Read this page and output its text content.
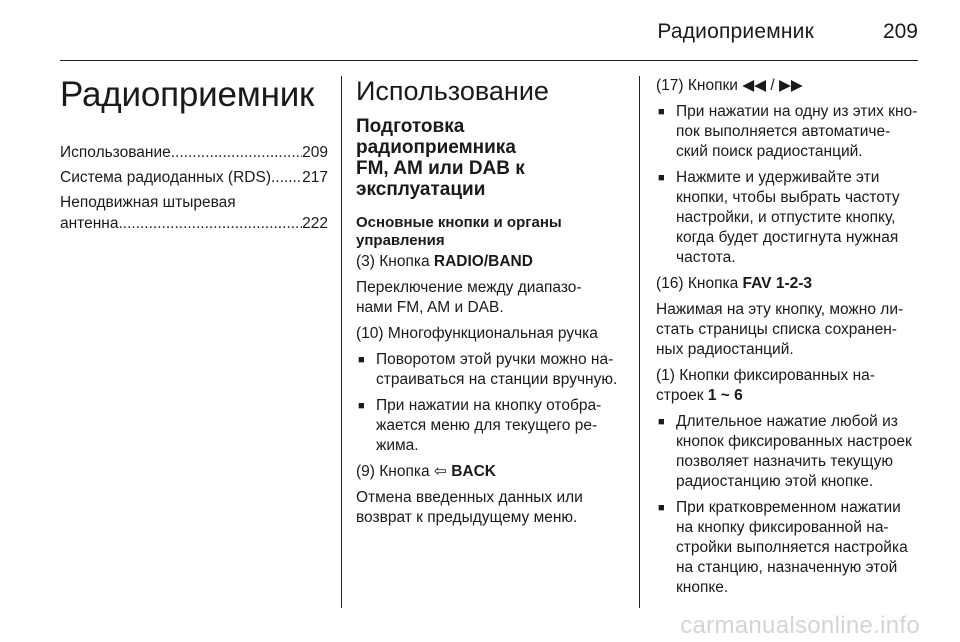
Радиоприемник	209
Радиоприемник
Использование .....	209
Система радиоданных (RDS) ..... 217
Неподвижная штыревая
антенна .....	222
Использование
Подготовка радиоприемника
FM, AM или DAB к
эксплуатации
Основные кнопки и органы
управления

(3) Кнопка RADIO/BAND

Переключение между диапазо-
нами FM, AM и DAB.

(10) Многофункциональная ручка

■ Поворотом этой ручки можно на-
страиваться на станции вручную.
■ При нажатии на кнопку отобра-
жается меню для текущего ре-
жима.

(9) Кнопка ⇦ BACK

Отмена введенных данных или
возврат к предыдущему меню.

(17) Кнопки ◀◀ / ▶▶

■ При нажатии на одну из этих кно-
пок выполняется автоматиче-
ский поиск радиостанций.
■ Нажмите и удерживайте эти
кнопки, чтобы выбрать частоту
настройки, и отпустите кнопку,
когда будет достигнута нужная
частота.

(16) Кнопка FAV 1-2-3

Нажимая на эту кнопку, можно ли-
стать страницы списка сохранен-
ных радиостанций.

(1) Кнопки фиксированных на-
строек 1 ~ 6

■ Длительное нажатие любой из
кнопок фиксированных настроек
позволяет назначить текущую
радиостанцию этой кнопке.
■ При кратковременном нажатии
на кнопку фиксированной на-
стройки выполняется настройка
на станцию, назначенную этой
кнопке.
carmanualsonline.info
